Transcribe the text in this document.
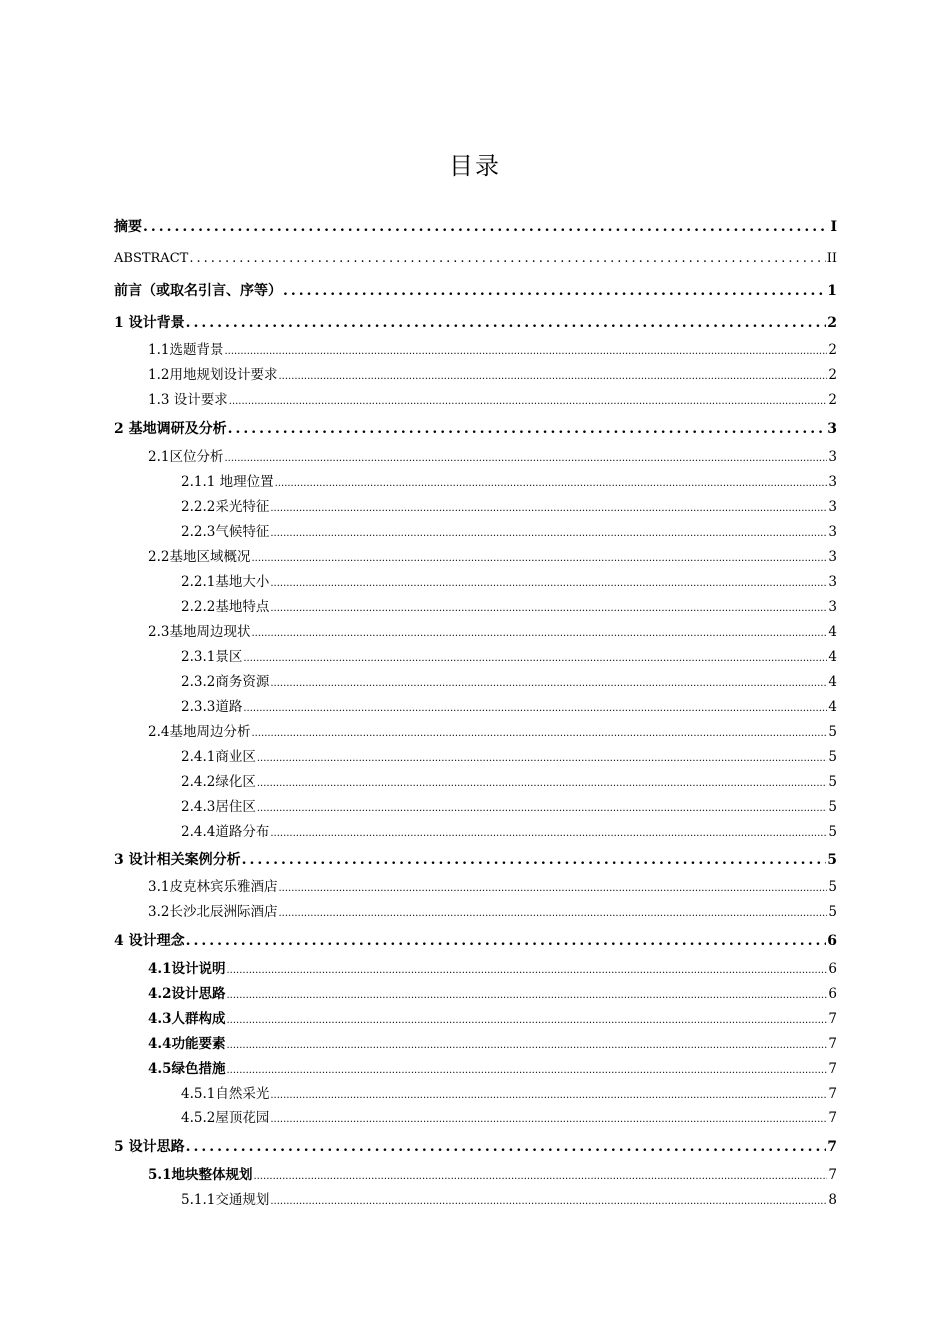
目录
摘要 .....	I
ABSTRACT .....	II
前言（或取名引言、序等） .....	1
1 设计背景 .....	2
1.1选题背景 .....	2
1.2用地规划设计要求 .....	2
1.3 设计要求 .....	2
2 基地调研及分析 .....	3
2.1区位分析 .....	3
2.1.1 地理位置 .....	3
2.2.2采光特征 .....	3
2.2.3气候特征 .....	3
2.2基地区域概况 .....	3
2.2.1基地大小 .....	3
2.2.2基地特点 .....	3
2.3基地周边现状 .....	4
2.3.1景区 .....	4
2.3.2商务资源 .....	4
2.3.3道路 .....	4
2.4基地周边分析 .....	5
2.4.1商业区 .....	5
2.4.2绿化区 .....	5
2.4.3居住区 .....	5
2.4.4道路分布 .....	5
3 设计相关案例分析 .....	5
3.1皮克林宾乐雅酒店 .....	5
3.2长沙北辰洲际酒店 .....	5
4 设计理念 .....	6
4.1设计说明 .....	6
4.2设计思路 .....	6
4.3人群构成 .....	7
4.4功能要素 .....	7
4.5绿色措施 .....	7
4.5.1自然采光 .....	7
4.5.2屋顶花园 .....	7
5 设计思路 .....	7
5.1地块整体规划 .....	7
5.1.1交通规划 .....	8
